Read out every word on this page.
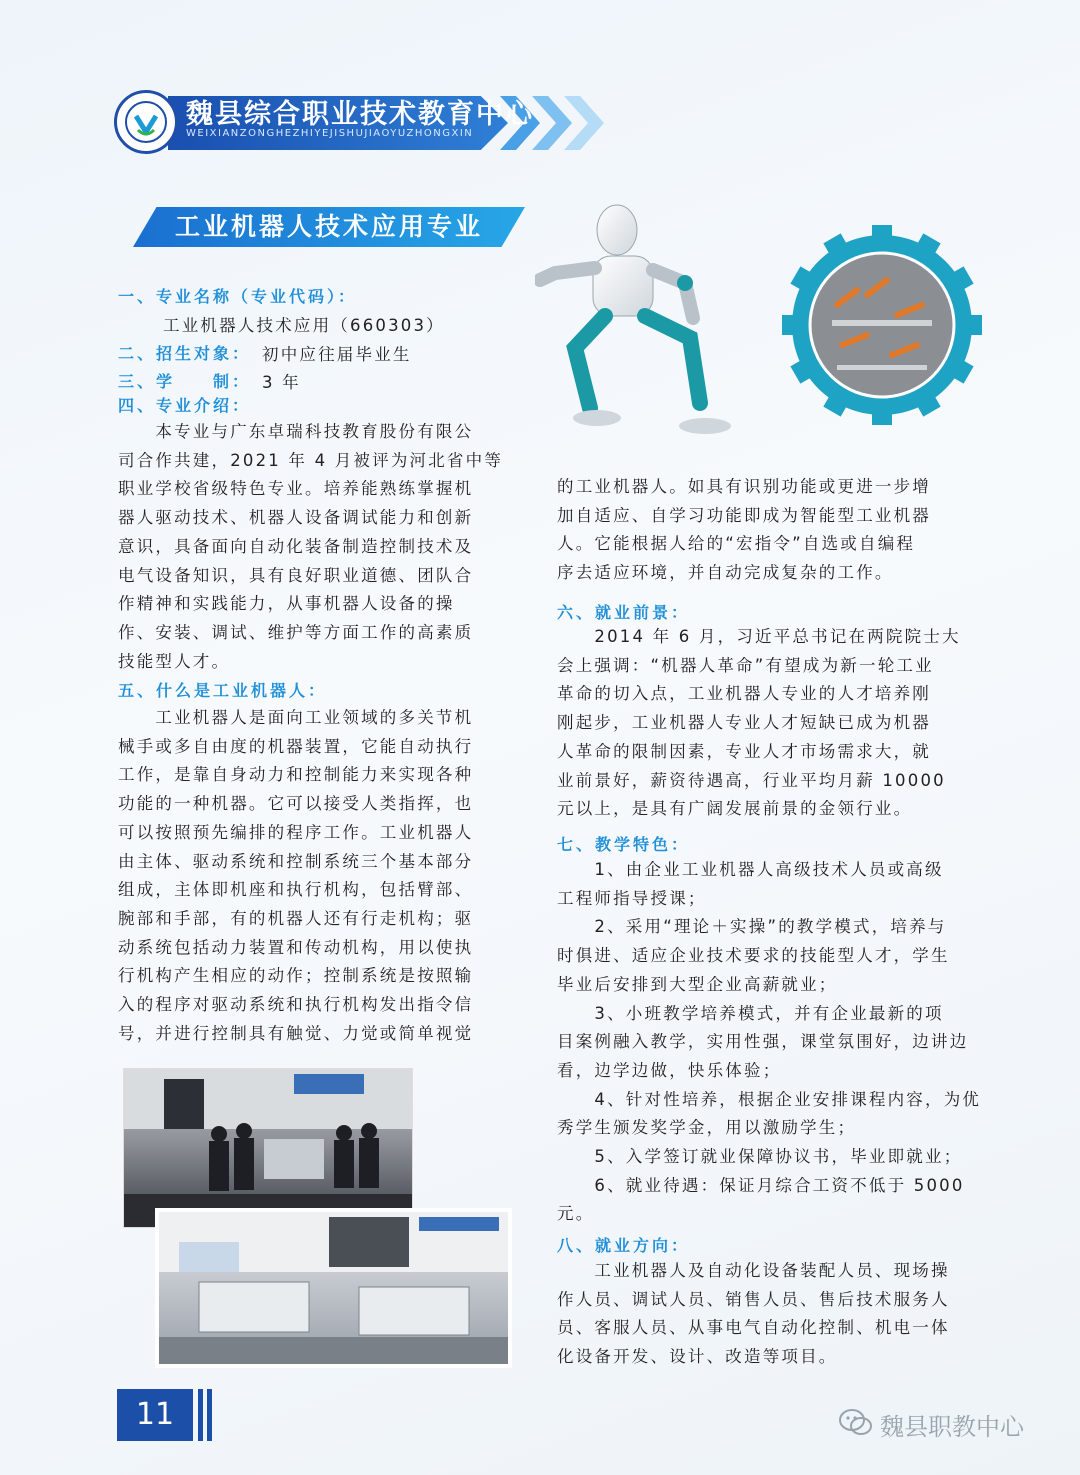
魏县综合职业技术教育中心
WEIXIANZONGHEZHIYEJISHUJIAOYUZHONGXIN
工业机器人技术应用专业
一、专业名称（专业代码）：
工业机器人技术应用（660303）
二、招生对象： 初中应往届毕业生
三、学　　制： 3 年
四、专业介绍：

　　本专业与广东卓瑞科技教育股份有限公

司合作共建，2021 年 4 月被评为河北省中等

职业学校省级特色专业。培养能熟练掌握机

器人驱动技术、机器人设备调试能力和创新

意识，具备面向自动化装备制造控制技术及

电气设备知识，具有良好职业道德、团队合

作精神和实践能力，从事机器人设备的操

作、安装、调试、维护等方面工作的高素质

技能型人才。

五、什么是工业机器人：

　　工业机器人是面向工业领域的多关节机

械手或多自由度的机器装置，它能自动执行

工作，是靠自身动力和控制能力来实现各种

功能的一种机器。它可以接受人类指挥，也

可以按照预先编排的程序工作。工业机器人

由主体、驱动系统和控制系统三个基本部分

组成，主体即机座和执行机构，包括臂部、

腕部和手部，有的机器人还有行走机构；驱

动系统包括动力装置和传动机构，用以使执

行机构产生相应的动作；控制系统是按照输

入的程序对驱动系统和执行机构发出指令信

号，并进行控制具有触觉、力觉或简单视觉

的工业机器人。如具有识别功能或更进一步增

加自适应、自学习功能即成为智能型工业机器

人。它能根据人给的“宏指令”自选或自编程

序去适应环境，并自动完成复杂的工作。

六、就业前景：

　　2014 年 6 月，习近平总书记在两院院士大

会上强调：“机器人革命”有望成为新一轮工业

革命的切入点，工业机器人专业的人才培养刚

刚起步，工业机器人专业人才短缺已成为机器

人革命的限制因素，专业人才市场需求大，就

业前景好，薪资待遇高，行业平均月薪 10000

元以上，是具有广阔发展前景的金领行业。

七、教学特色：

　　1、由企业工业机器人高级技术人员或高级

工程师指导授课；

　　2、采用“理论＋实操”的教学模式，培养与

时俱进、适应企业技术要求的技能型人才，学生

毕业后安排到大型企业高薪就业；

　　3、小班教学培养模式，并有企业最新的项

目案例融入教学，实用性强，课堂氛围好，边讲边

看，边学边做，快乐体验；

　　4、针对性培养，根据企业安排课程内容，为优

秀学生颁发奖学金，用以激励学生；

　　5、入学签订就业保障协议书，毕业即就业；

　　6、就业待遇：保证月综合工资不低于 5000

元。

八、就业方向：

　　工业机器人及自动化设备装配人员、现场操

作人员、调试人员、销售人员、售后技术服务人

员、客服人员、从事电气自动化控制、机电一体

化设备开发、设计、改造等项目。

11	魏县职教中心
